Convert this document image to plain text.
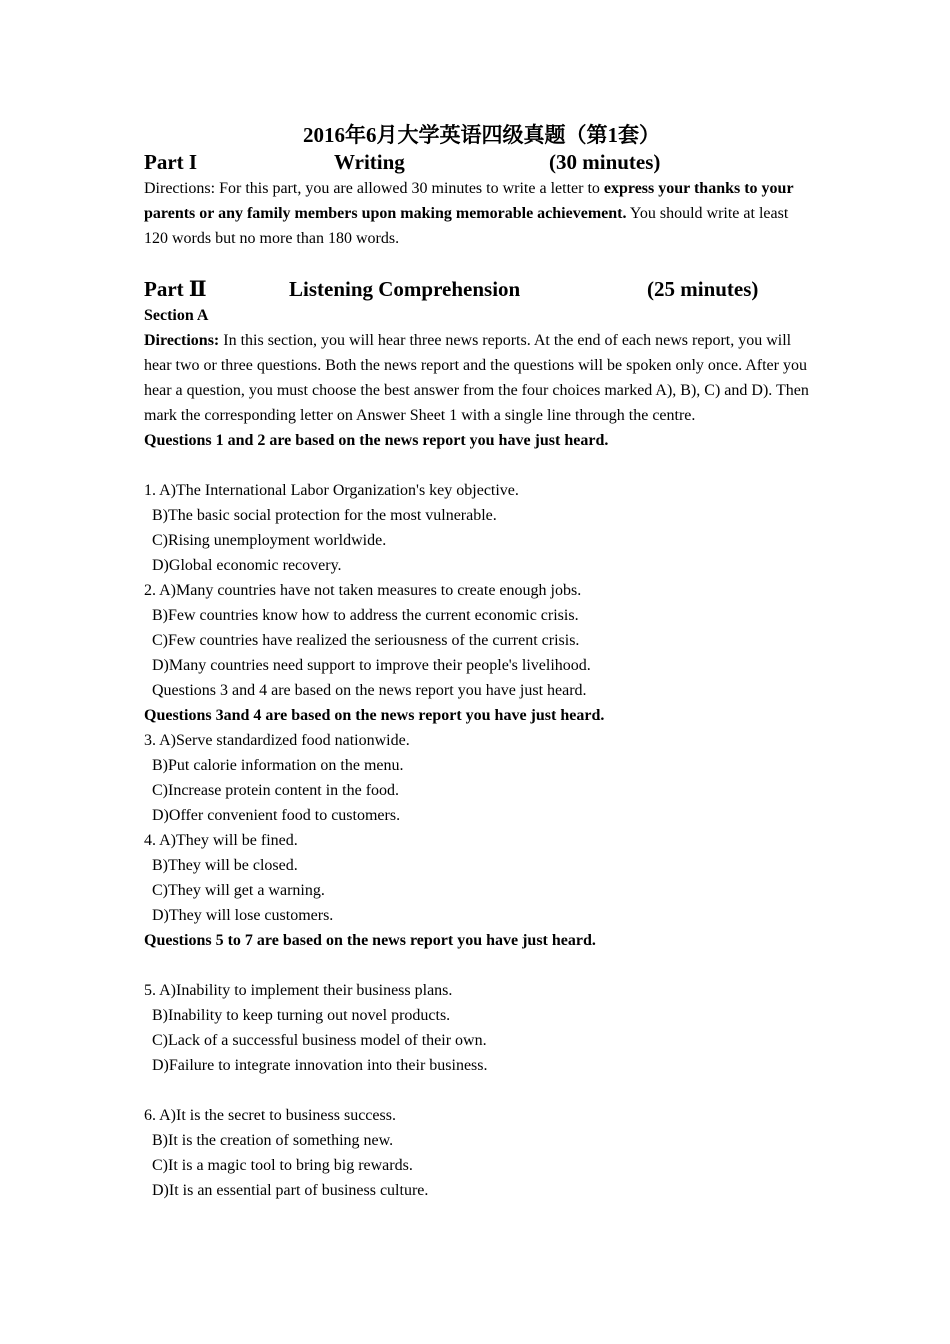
2016年6月大学英语四级真题（第1套）
Part I	Writing	(30 minutes)

Directions: For this part, you are allowed 30 minutes to write a letter to express your thanks to your parents or any family members upon making memorable achievement. You should write at least 120 words but no more than 180 words.

Part Ⅱ	Listening Comprehension	(25 minutes)
Section A

Directions: In this section, you will hear three news reports. At the end of each news report, you will hear two or three questions. Both the news report and the questions will be spoken only once. After you hear a question, you must choose the best answer from the four choices marked A), B), C) and D). Then mark the corresponding letter on Answer Sheet 1 with a single line through the centre.

Questions 1 and 2 are based on the news report you have just heard.
1. A)The International Labor Organization's key objective.
B)The basic social protection for the most vulnerable.
C)Rising unemployment worldwide.
D)Global economic recovery.
2. A)Many countries have not taken measures to create enough jobs.
B)Few countries know how to address the current economic crisis.
C)Few countries have realized the seriousness of the current crisis.
D)Many countries need support to improve their people's livelihood.
Questions 3 and 4 are based on the news report you have just heard.
Questions 3and 4 are based on the news report you have just heard.
3. A)Serve standardized food nationwide.
B)Put calorie information on the menu.
C)Increase protein content in the food.
D)Offer convenient food to customers.
4. A)They will be fined.
B)They will be closed.
C)They will get a warning.
D)They will lose customers.
Questions 5 to 7 are based on the news report you have just heard.
5. A)Inability to implement their business plans.
B)Inability to keep turning out novel products.
C)Lack of a successful business model of their own.
D)Failure to integrate innovation into their business.
6. A)It is the secret to business success.
B)It is the creation of something new.
C)It is a magic tool to bring big rewards.
D)It is an essential part of business culture.
